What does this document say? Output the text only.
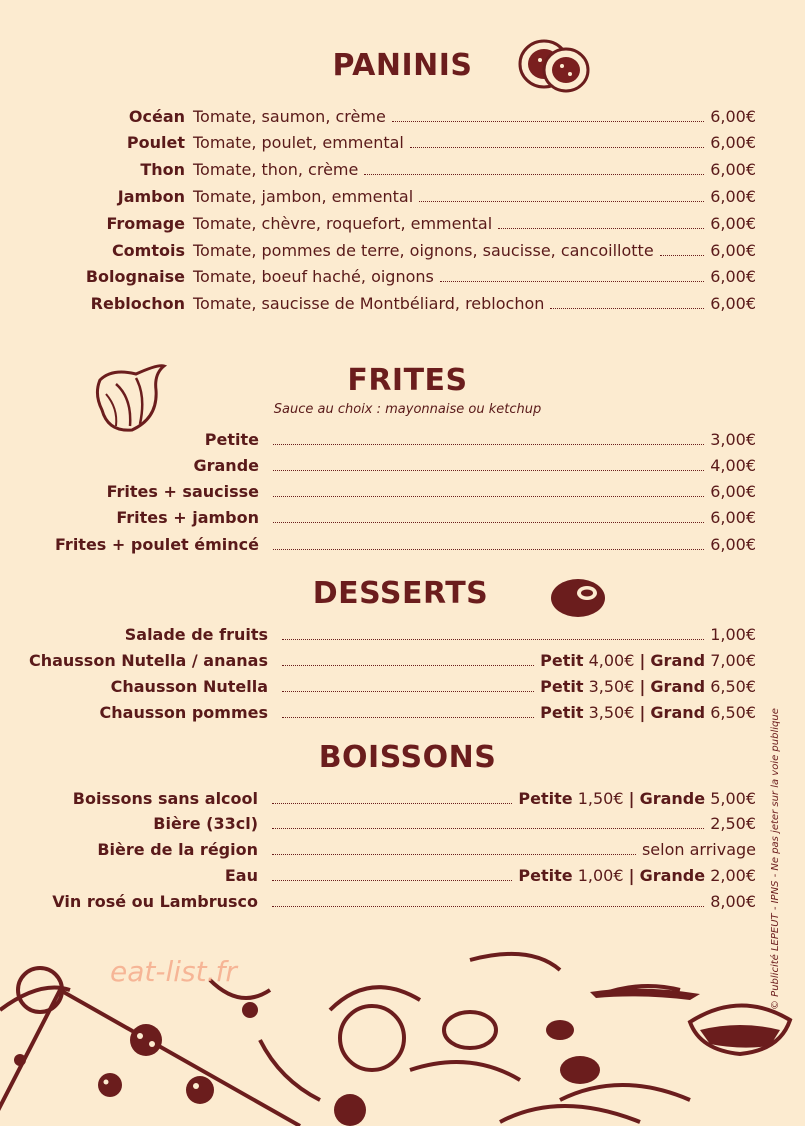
PANINIS
Océan Tomate, saumon, crème	6,00€
Poulet Tomate, poulet, emmental	6,00€
Thon Tomate, thon, crème	6,00€
Jambon Tomate, jambon, emmental	6,00€
Fromage Tomate, chèvre, roquefort, emmental	6,00€
Comtois Tomate, pommes de terre, oignons, saucisse, cancoillotte	6,00€
Bolognaise Tomate, boeuf haché, oignons	6,00€
Reblochon Tomate, saucisse de Montbéliard, reblochon	6,00€
FRITES
Sauce au choix : mayonnaise ou ketchup
Petite	3,00€
Grande	4,00€
Frites + saucisse	6,00€
Frites + jambon	6,00€
Frites + poulet émincé	6,00€
DESSERTS
Salade de fruits	1,00€
Chausson Nutella / ananas	Petit 4,00€ | Grand 7,00€
Chausson Nutella	Petit 3,50€ | Grand 6,50€
Chausson pommes	Petit 3,50€ | Grand 6,50€
BOISSONS
Boissons sans alcool	Petite 1,50€ | Grande 5,00€
Bière (33cl)	2,50€
Bière de la région	selon arrivage
Eau	Petite 1,00€ | Grande 2,00€
Vin rosé ou Lambrusco	8,00€ © Publicité LEPEUT - IPNS - Ne pas jeter sur la voie publique
eat-list.fr
